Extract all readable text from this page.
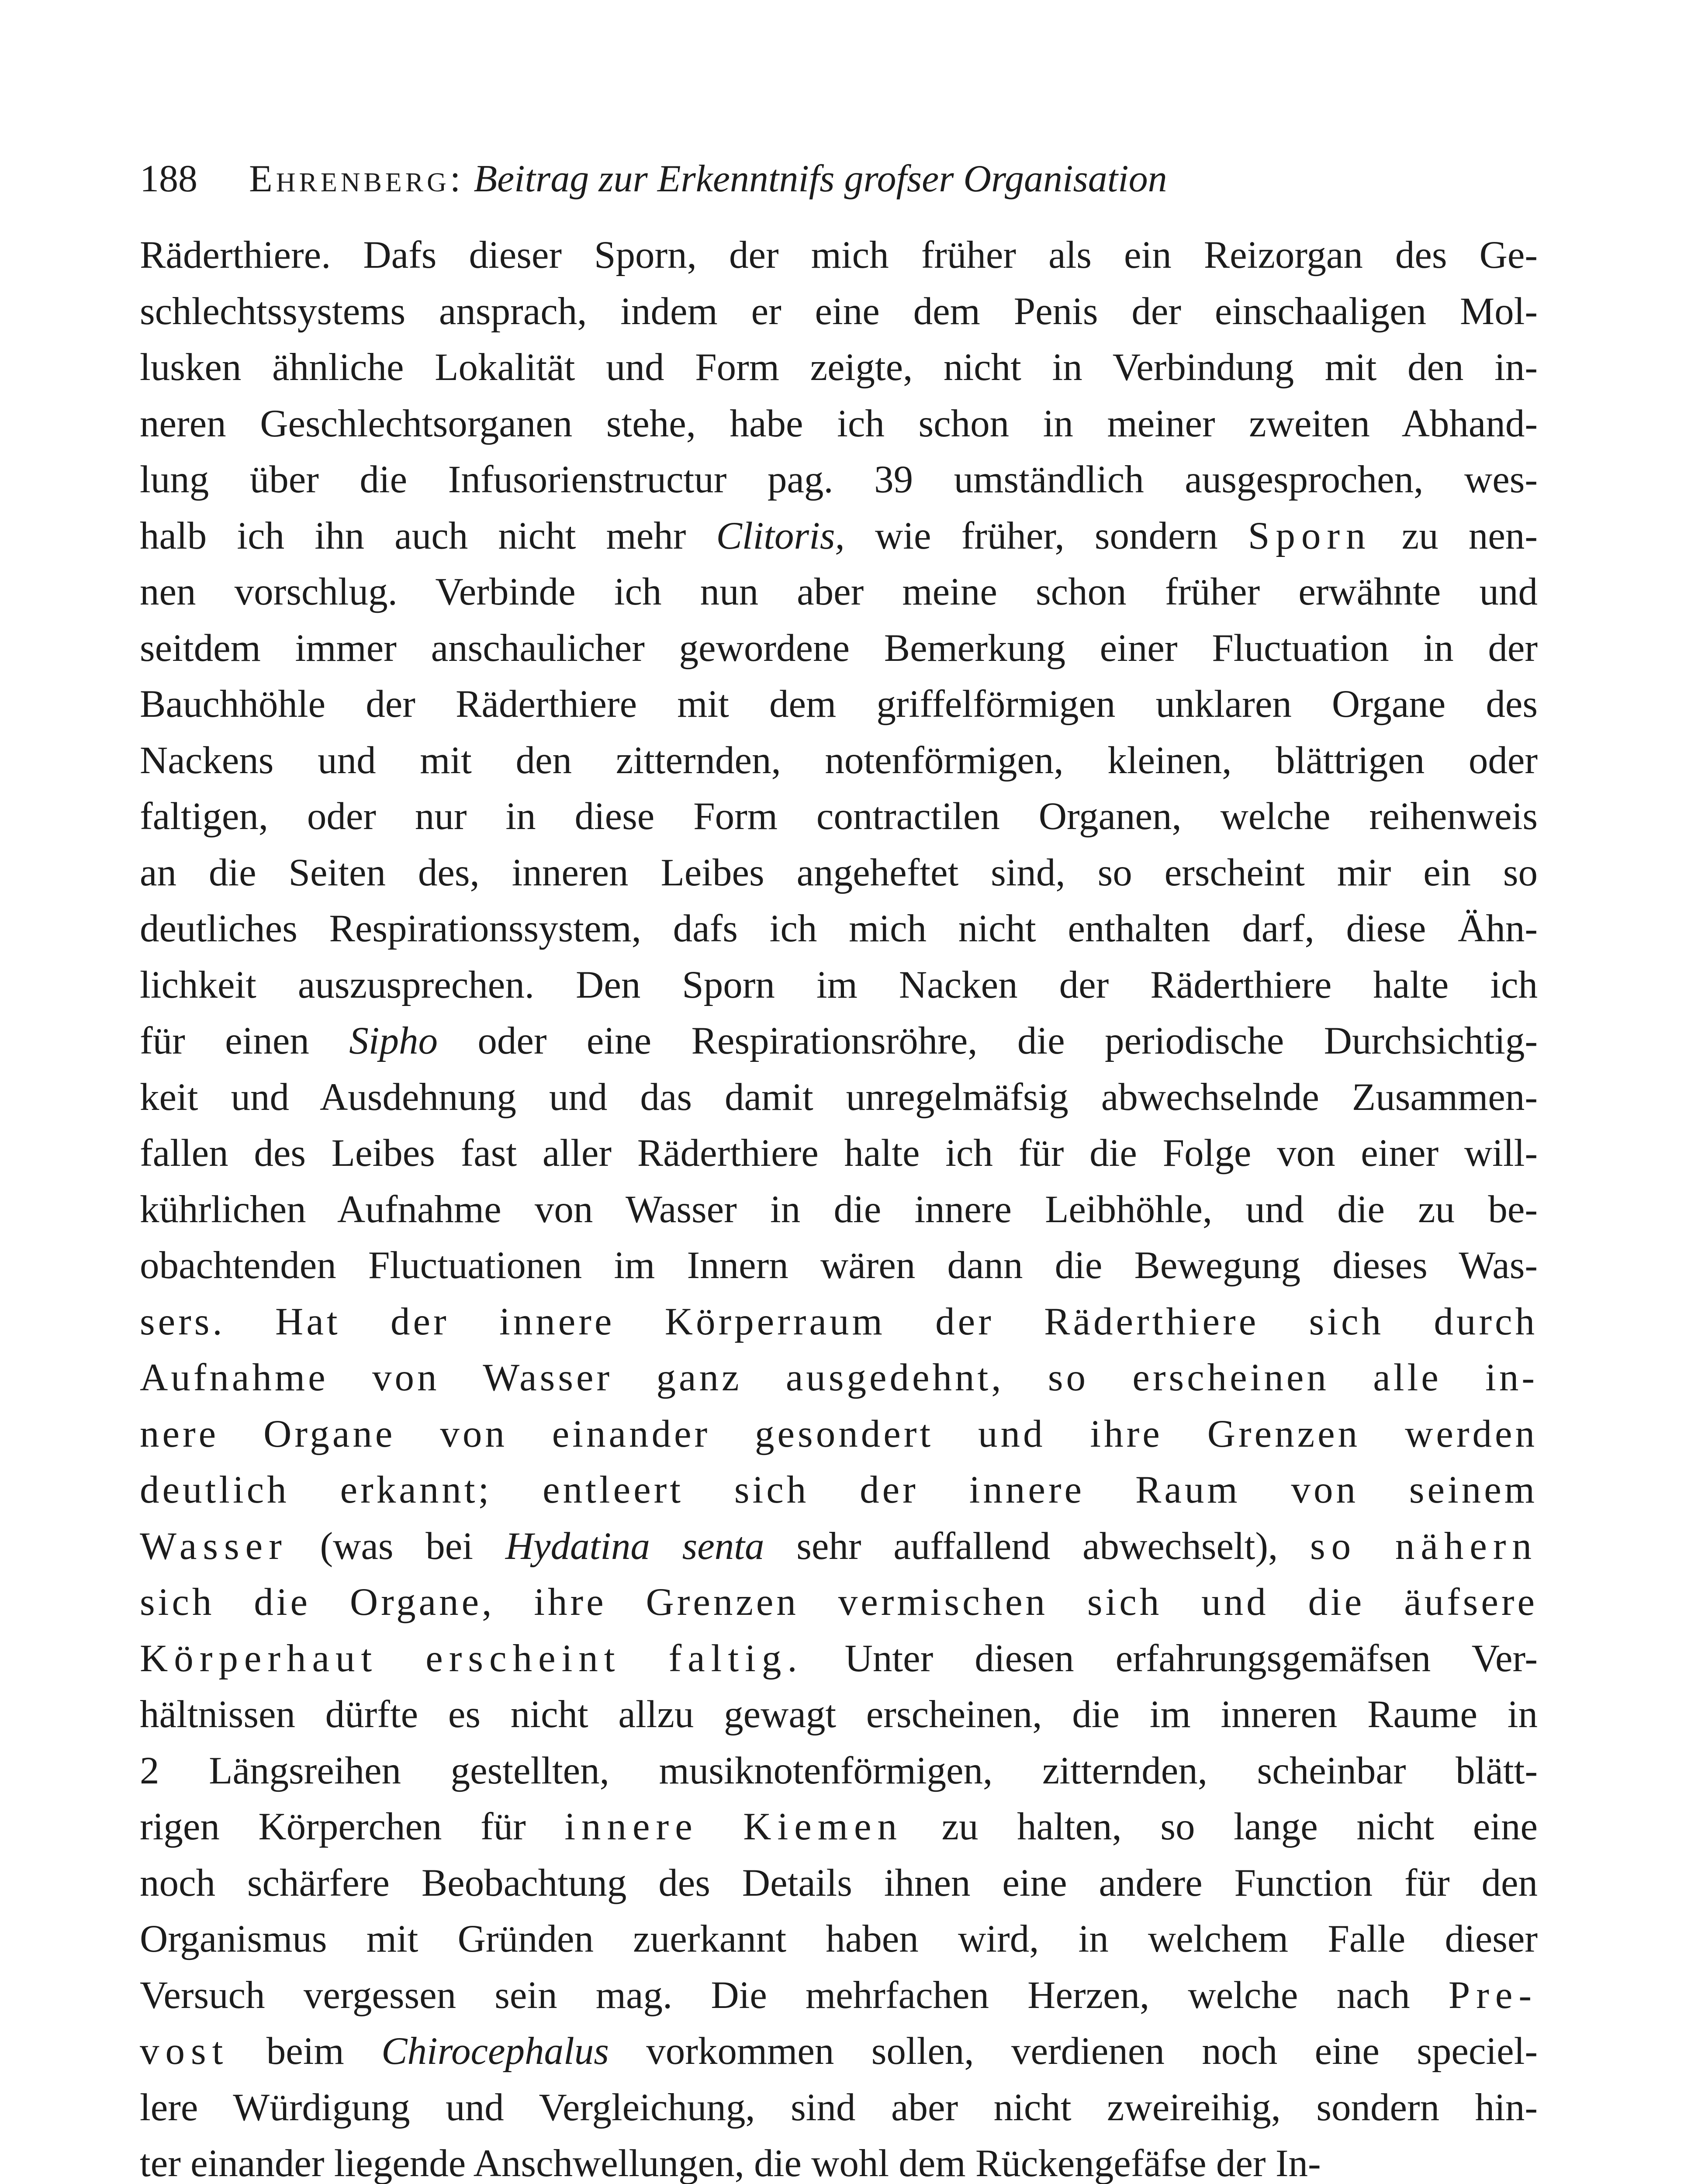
188 Ehrenberg: Beitrag zur Erkenntnifs grofser Organisation
Räderthiere. Dafs dieser Sporn, der mich früher als ein Reizorgan des Ge-
schlechtssystems ansprach, indem er eine dem Penis der einschaaligen Mol-
lusken ähnliche Lokalität und Form zeigte, nicht in Verbindung mit den in-
neren Geschlechtsorganen stehe, habe ich schon in meiner zweiten Abhand-
lung über die Infusorienstructur pag. 39 umständlich ausgesprochen, wes-
halb ich ihn auch nicht mehr Clitoris, wie früher, sondern Sporn zu nen-
nen vorschlug. Verbinde ich nun aber meine schon früher erwähnte und
seitdem immer anschaulicher gewordene Bemerkung einer Fluctuation in der
Bauchhöhle der Räderthiere mit dem griffelförmigen unklaren Organe des
Nackens und mit den zitternden, notenförmigen, kleinen, blättrigen oder
faltigen, oder nur in diese Form contractilen Organen, welche reihenweis
an die Seiten des, inneren Leibes angeheftet sind, so erscheint mir ein so
deutliches Respirationssystem, dafs ich mich nicht enthalten darf, diese Ähn-
lichkeit auszusprechen. Den Sporn im Nacken der Räderthiere halte ich
für einen Sipho oder eine Respirationsröhre, die periodische Durchsichtig-
keit und Ausdehnung und das damit unregelmäfsig abwechselnde Zusammen-
fallen des Leibes fast aller Räderthiere halte ich für die Folge von einer will-
kührlichen Aufnahme von Wasser in die innere Leibhöhle, und die zu be-
obachtenden Fluctuationen im Innern wären dann die Bewegung dieses Was-
sers. Hat der innere Körperraum der Räderthiere sich durch
Aufnahme von Wasser ganz ausgedehnt, so erscheinen alle in-
nere Organe von einander gesondert und ihre Grenzen werden
deutlich erkannt; entleert sich der innere Raum von seinem
Wasser (was bei Hydatina senta sehr auffallend abwechselt), so nähern
sich die Organe, ihre Grenzen vermischen sich und die äufsere
Körperhaut erscheint faltig. Unter diesen erfahrungsgemäfsen Ver-
hältnissen dürfte es nicht allzu gewagt erscheinen, die im inneren Raume in
2 Längsreihen gestellten, musiknotenförmigen, zitternden, scheinbar blätt-
rigen Körperchen für innere Kiemen zu halten, so lange nicht eine
noch schärfere Beobachtung des Details ihnen eine andere Function für den
Organismus mit Gründen zuerkannt haben wird, in welchem Falle dieser
Versuch vergessen sein mag. Die mehrfachen Herzen, welche nach Pre-
vost beim Chirocephalus vorkommen sollen, verdienen noch eine speciel-
lere Würdigung und Vergleichung, sind aber nicht zweireihig, sondern hin-
ter einander liegende Anschwellungen, die wohl dem Rückengefäfse der In-
